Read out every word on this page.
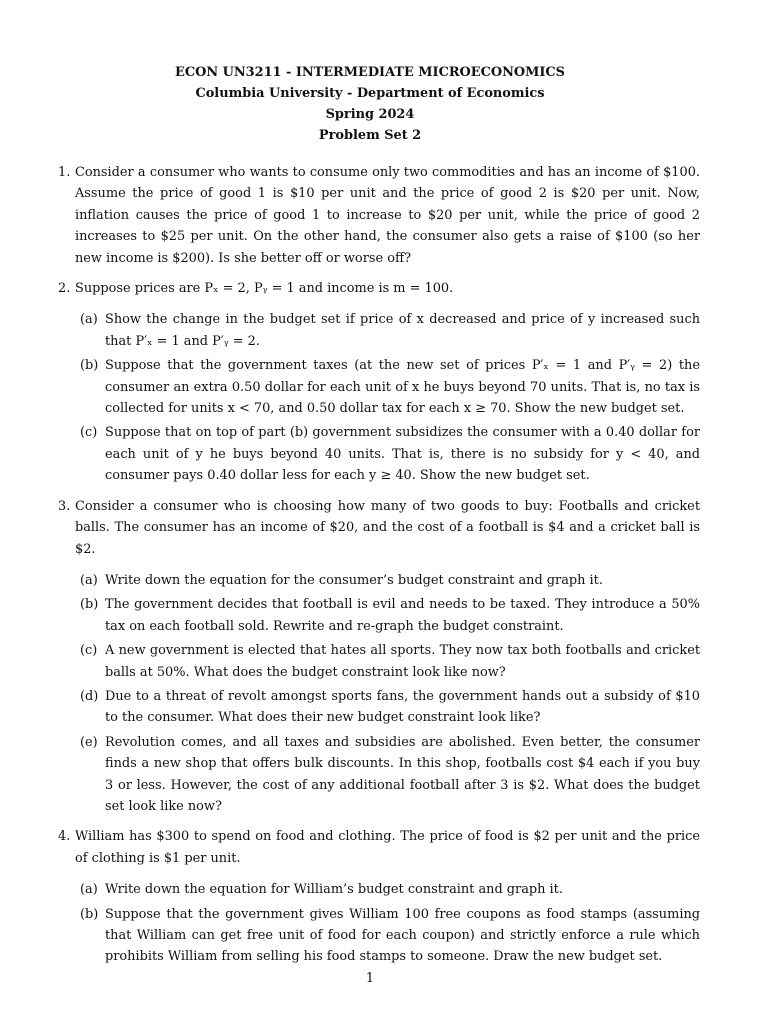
ECON UN3211 - INTERMEDIATE MICROECONOMICS
Columbia University - Department of Economics
Spring 2024
Problem Set 2
1. Consider a consumer who wants to consume only two commodities and has an income of $100. Assume the price of good 1 is $10 per unit and the price of good 2 is $20 per unit. Now, inflation causes the price of good 1 to increase to $20 per unit, while the price of good 2 increases to $25 per unit. On the other hand, the consumer also gets a raise of $100 (so her new income is $200). Is she better off or worse off?
2. Suppose prices are Pₓ = 2, Pᵧ = 1 and income is m = 100.
(a) Show the change in the budget set if price of x decreased and price of y increased such that P′ₓ = 1 and P′ᵧ = 2.
(b) Suppose that the government taxes (at the new set of prices P′ₓ = 1 and P′ᵧ = 2) the consumer an extra 0.50 dollar for each unit of x he buys beyond 70 units. That is, no tax is collected for units x < 70, and 0.50 dollar tax for each x ≥ 70. Show the new budget set.
(c) Suppose that on top of part (b) government subsidizes the consumer with a 0.40 dollar for each unit of y he buys beyond 40 units. That is, there is no subsidy for y < 40, and consumer pays 0.40 dollar less for each y ≥ 40. Show the new budget set.
3. Consider a consumer who is choosing how many of two goods to buy: Footballs and cricket balls. The consumer has an income of $20, and the cost of a football is $4 and a cricket ball is $2.
(a) Write down the equation for the consumer’s budget constraint and graph it.
(b) The government decides that football is evil and needs to be taxed. They introduce a 50% tax on each football sold. Rewrite and re-graph the budget constraint.
(c) A new government is elected that hates all sports. They now tax both footballs and cricket balls at 50%. What does the budget constraint look like now?
(d) Due to a threat of revolt amongst sports fans, the government hands out a subsidy of $10 to the consumer. What does their new budget constraint look like?
(e) Revolution comes, and all taxes and subsidies are abolished. Even better, the consumer finds a new shop that offers bulk discounts. In this shop, footballs cost $4 each if you buy 3 or less. However, the cost of any additional football after 3 is $2. What does the budget set look like now?
4. William has $300 to spend on food and clothing. The price of food is $2 per unit and the price of clothing is $1 per unit.
(a) Write down the equation for William’s budget constraint and graph it.
(b) Suppose that the government gives William 100 free coupons as food stamps (assuming that William can get free unit of food for each coupon) and strictly enforce a rule which prohibits William from selling his food stamps to someone. Draw the new budget set.
1
